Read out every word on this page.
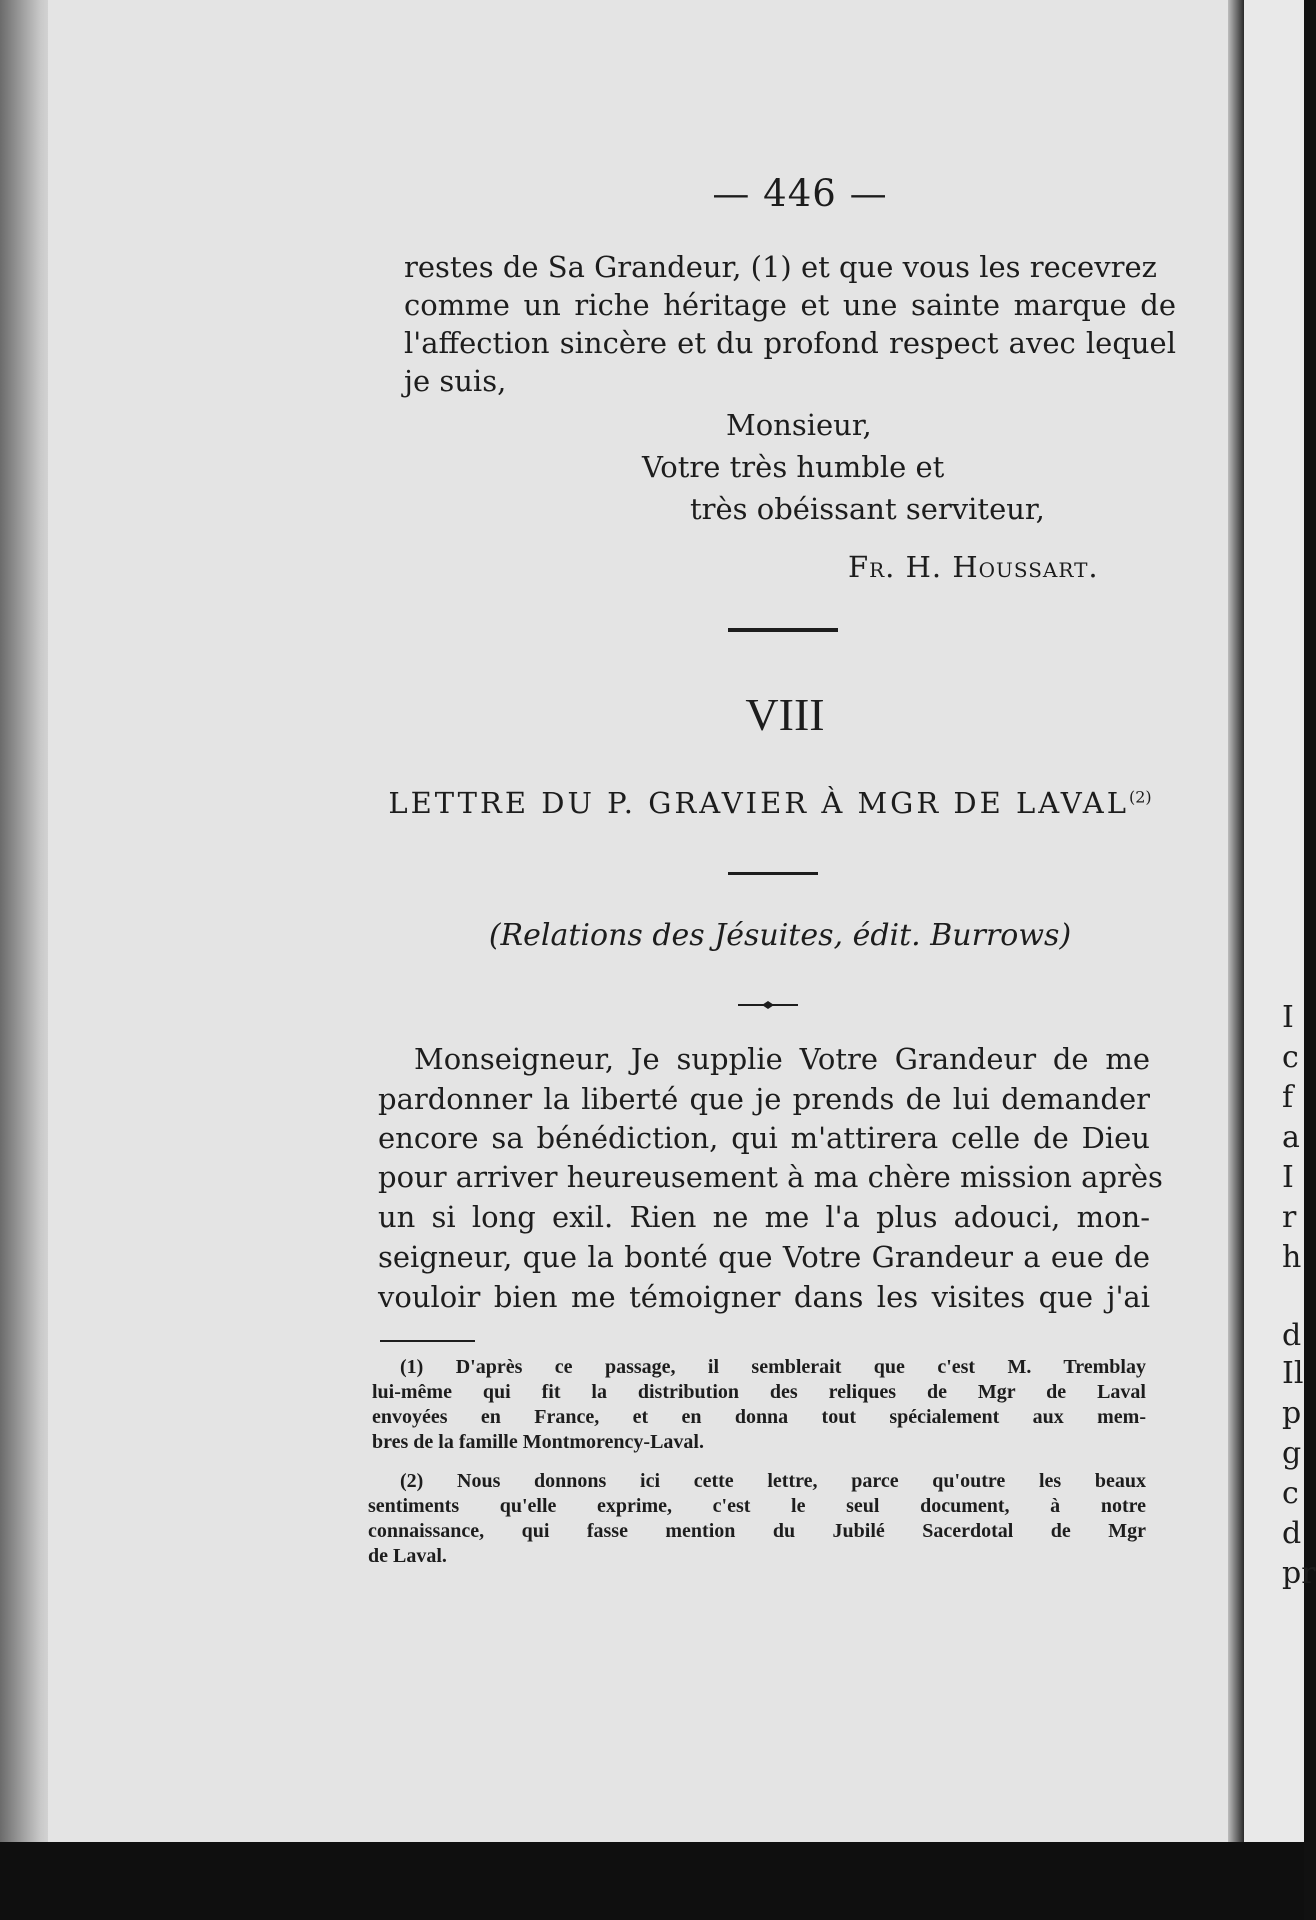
— 446 —
restes de Sa Grandeur, (1) et que vous les recevrez
comme un riche héritage et une sainte marque de
l'affection sincère et du profond respect avec lequel
je suis,
Monsieur,
Votre très humble et
très obéissant serviteur,
Fr. H. Houssart.
VIII
LETTRE DU P. GRAVIER À MGR DE LAVAL$^{(2)}$
(Relations des Jésuites, édit. Burrows)
Monseigneur, Je supplie Votre Grandeur de me
pardonner la liberté que je prends de lui demander
encore sa bénédiction, qui m'attirera celle de Dieu
pour arriver heureusement à ma chère mission après
un si long exil. Rien ne me l'a plus adouci, mon-
seigneur, que la bonté que Votre Grandeur a eue de
vouloir bien me témoigner dans les visites que j'ai
(1) D'après ce passage, il semblerait que c'est M. Tremblay
lui-même qui fit la distribution des reliques de Mgr de Laval
envoyées en France, et en donna tout spécialement aux mem-
bres de la famille Montmorency-Laval.
(2) Nous donnons ici cette lettre, parce qu'outre les beaux
sentiments qu'elle exprime, c'est le seul document, à notre
connaissance, qui fasse mention du Jubilé Sacerdotal de Mgr
de Laval.
I
c
f
a
I
r
h
d
Il
p
g
c
d
pr
